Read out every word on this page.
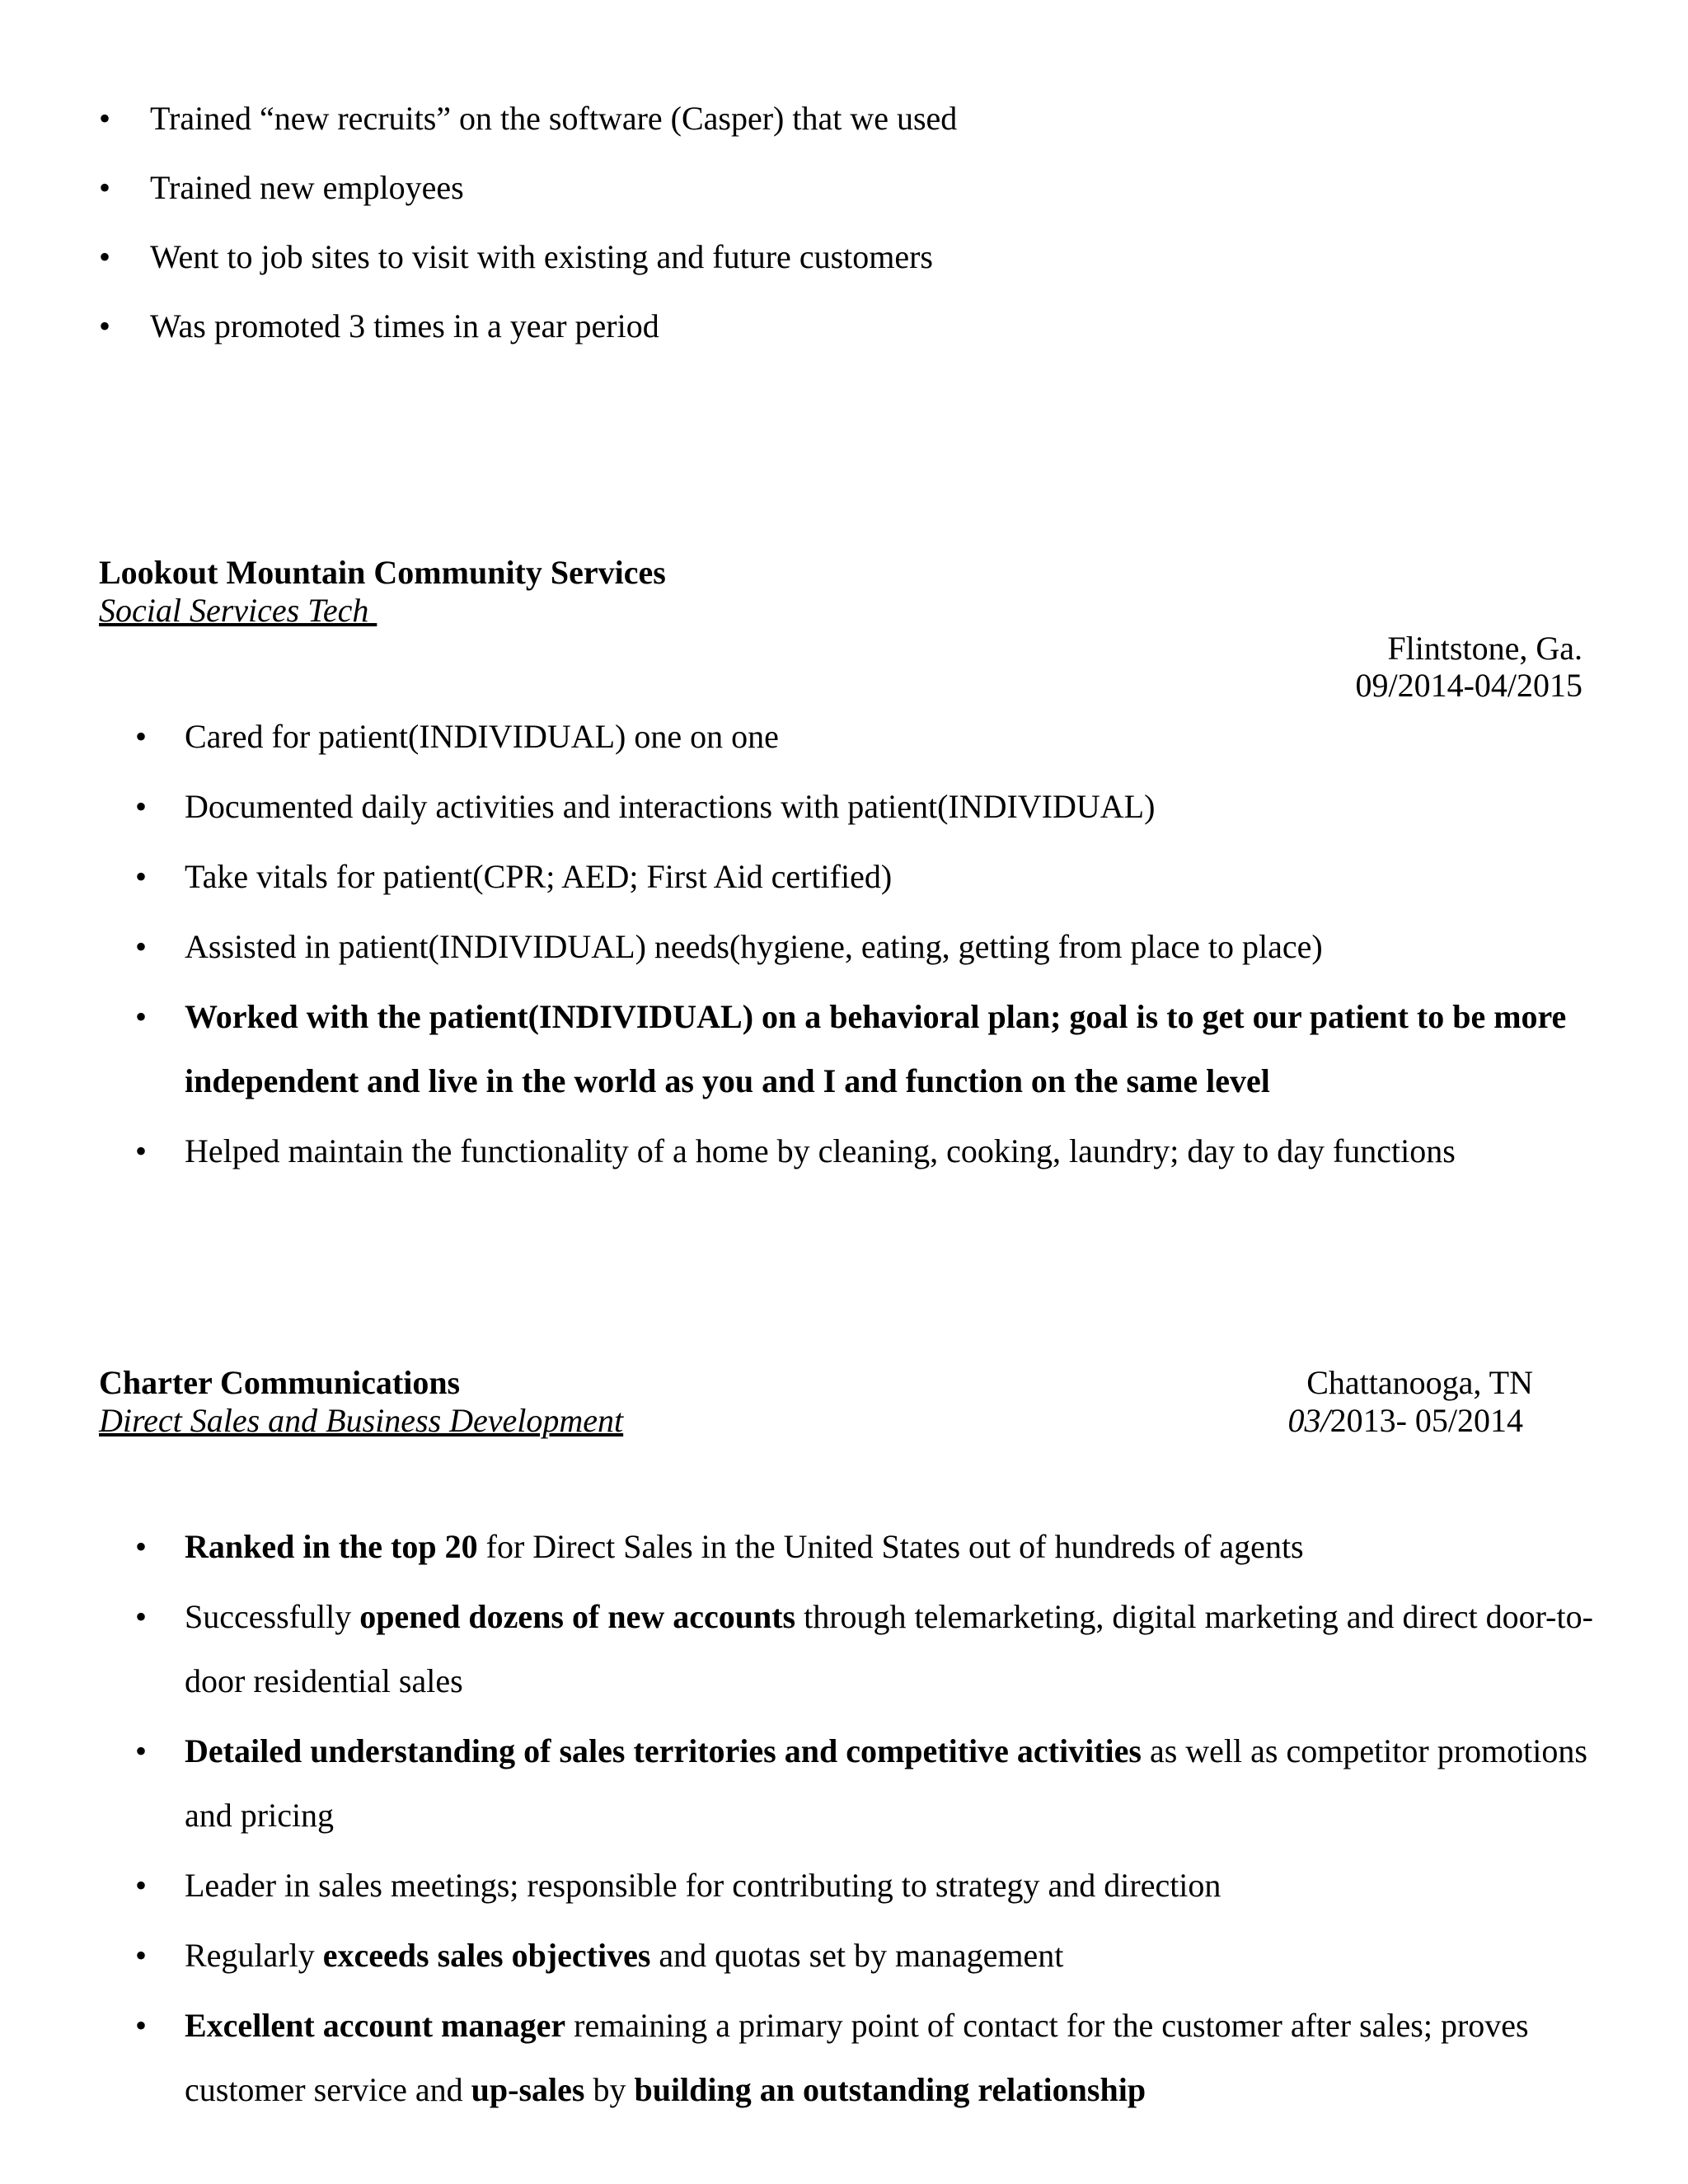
• Trained “new recruits” on the software (Casper) that we used
• Trained new employees
• Went to job sites to visit with existing and future customers
• Was promoted 3 times in a year period
Lookout Mountain Community Services
Social Services Tech
Flintstone, Ga.
09/2014-04/2015
• Cared for patient(INDIVIDUAL) one on one
• Documented daily activities and interactions with patient(INDIVIDUAL)
• Take vitals for patient(CPR; AED; First Aid certified)
• Assisted in patient(INDIVIDUAL) needs(hygiene, eating, getting from place to place)
• Worked with the patient(INDIVIDUAL) on a behavioral plan; goal is to get our patient to be more independent and live in the world as you and I and function on the same level
• Helped maintain the functionality of a home by cleaning, cooking, laundry; day to day functions
Charter Communications
Direct Sales and Business Development
Chattanooga, TN
03/2013- 05/2014
• Ranked in the top 20 for Direct Sales in the United States out of hundreds of agents
• Successfully opened dozens of new accounts through telemarketing, digital marketing and direct door-to-door residential sales
• Detailed understanding of sales territories and competitive activities as well as competitor promotions and pricing
• Leader in sales meetings; responsible for contributing to strategy and direction
• Regularly exceeds sales objectives and quotas set by management
• Excellent account manager remaining a primary point of contact for the customer after sales; proves customer service and up-sales by building an outstanding relationship
